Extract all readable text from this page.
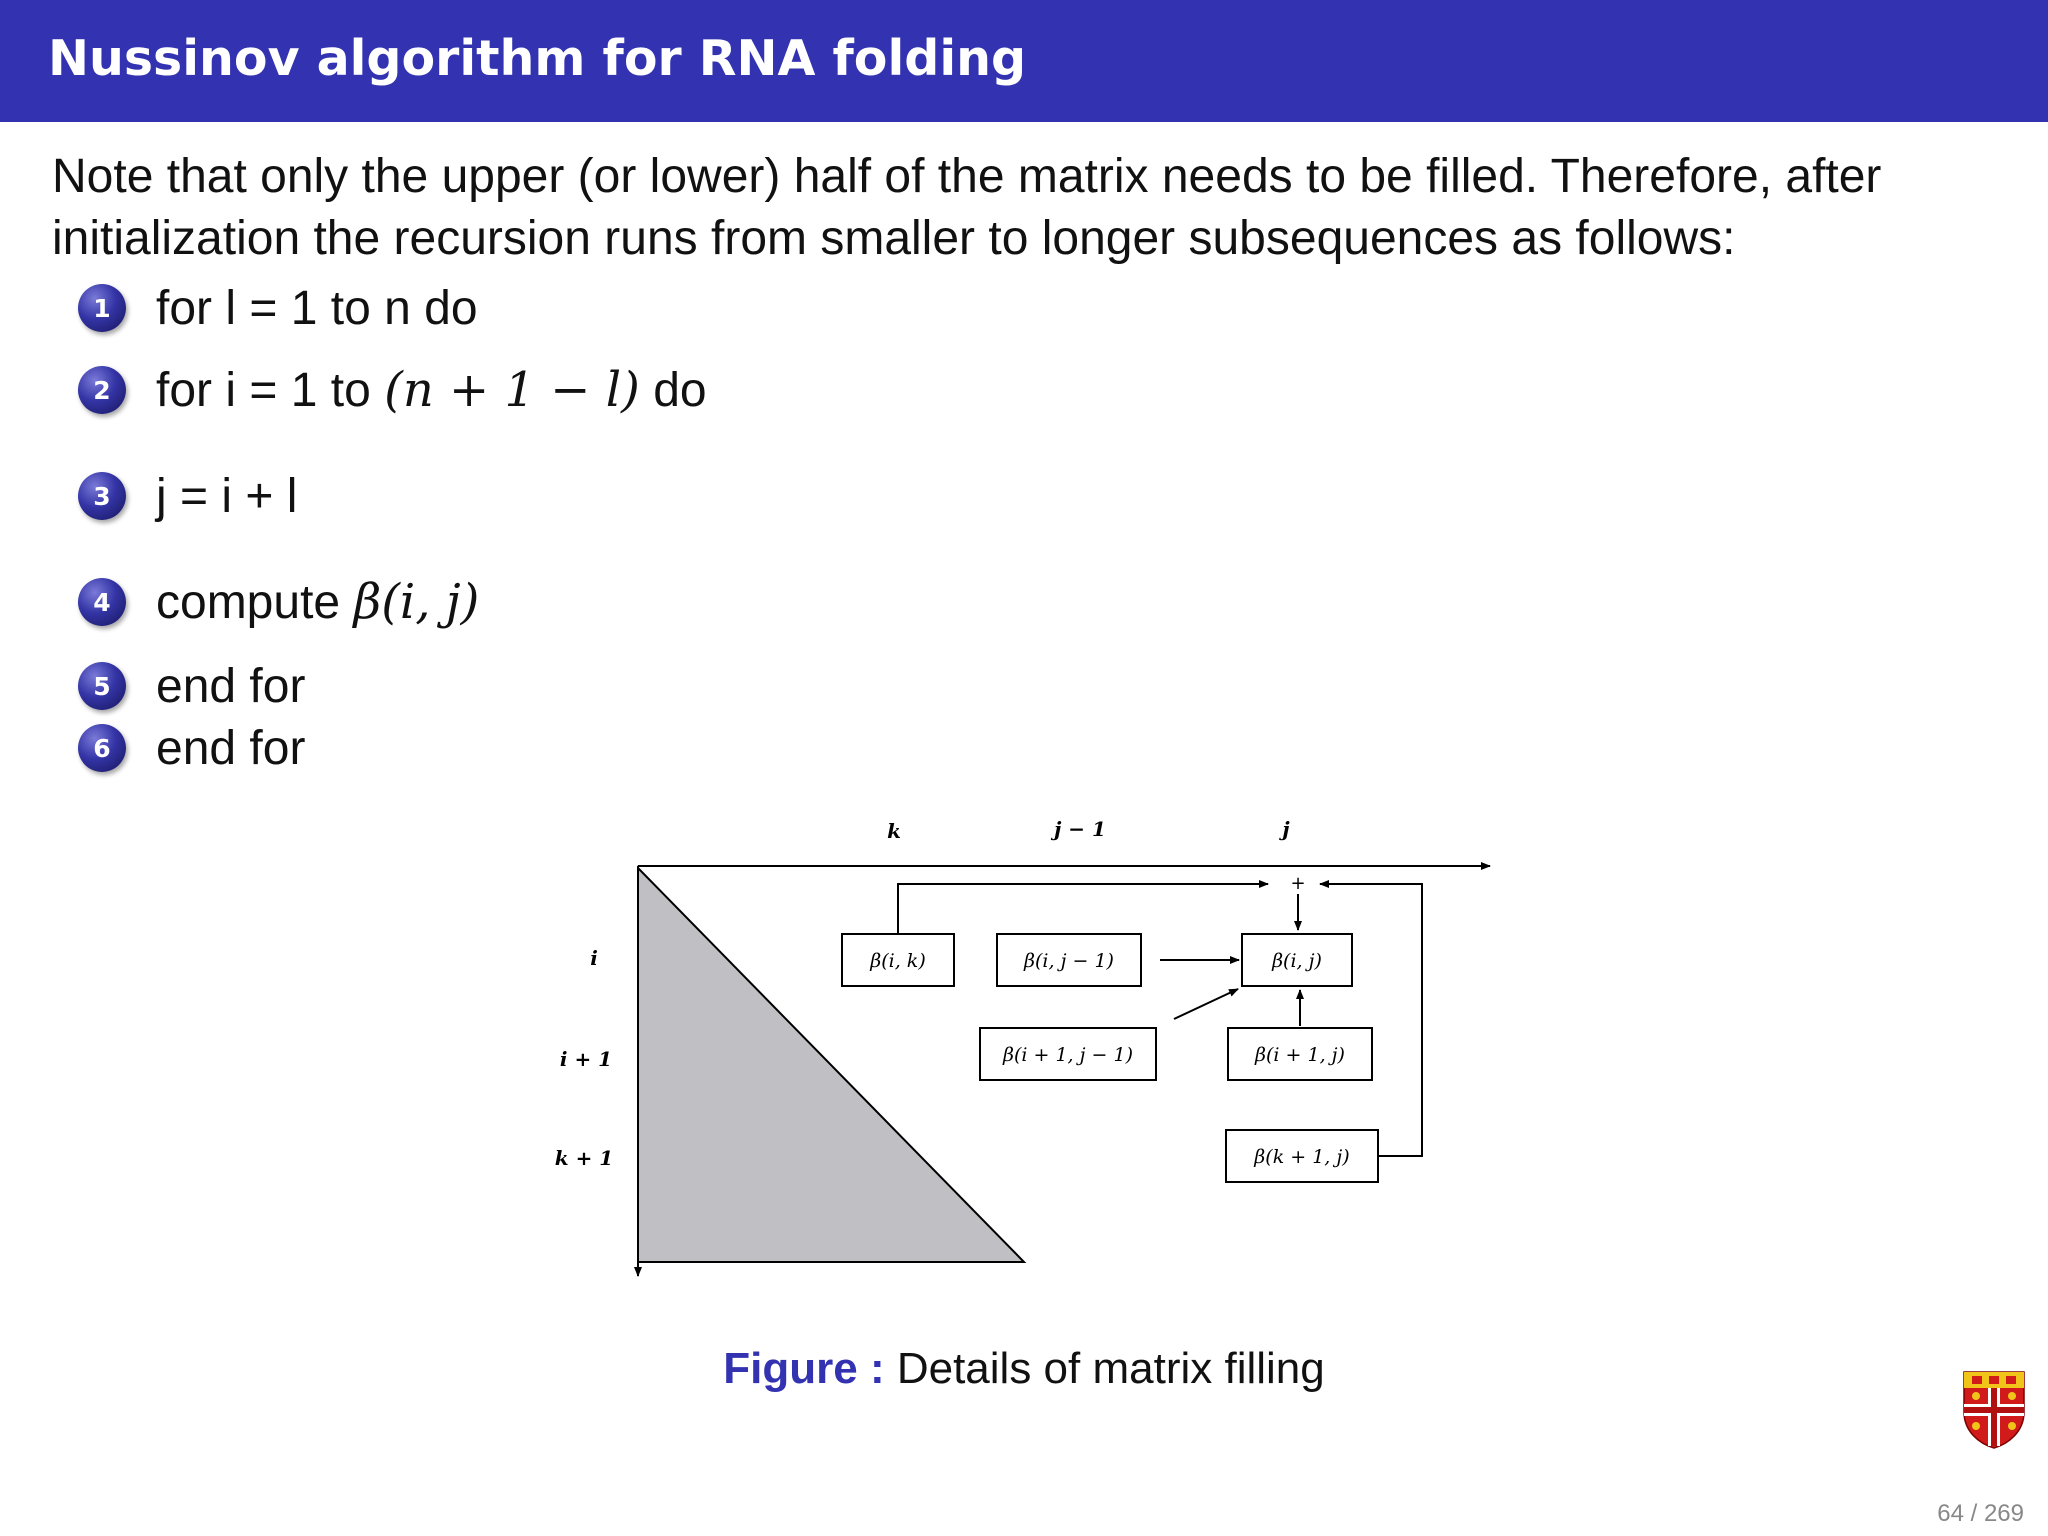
Nussinov algorithm for RNA folding
Note that only the upper (or lower) half of the matrix needs to be filled. Therefore, after
initialization the recursion runs from smaller to longer subsequences as follows:
1 for l = 1 to n do
2 for i = 1 to (n + 1 − l) do
3 j = i + l
4 compute β(i, j)
5 end for
6 end for
k	j − 1	j
i
i + 1
k + 1
β(i, k)	β(i, j − 1)	β(i, j)
β(i + 1, j − 1)	β(i + 1, j)
β(k + 1, j)
+
Figure : Details of matrix filling
64 / 269
